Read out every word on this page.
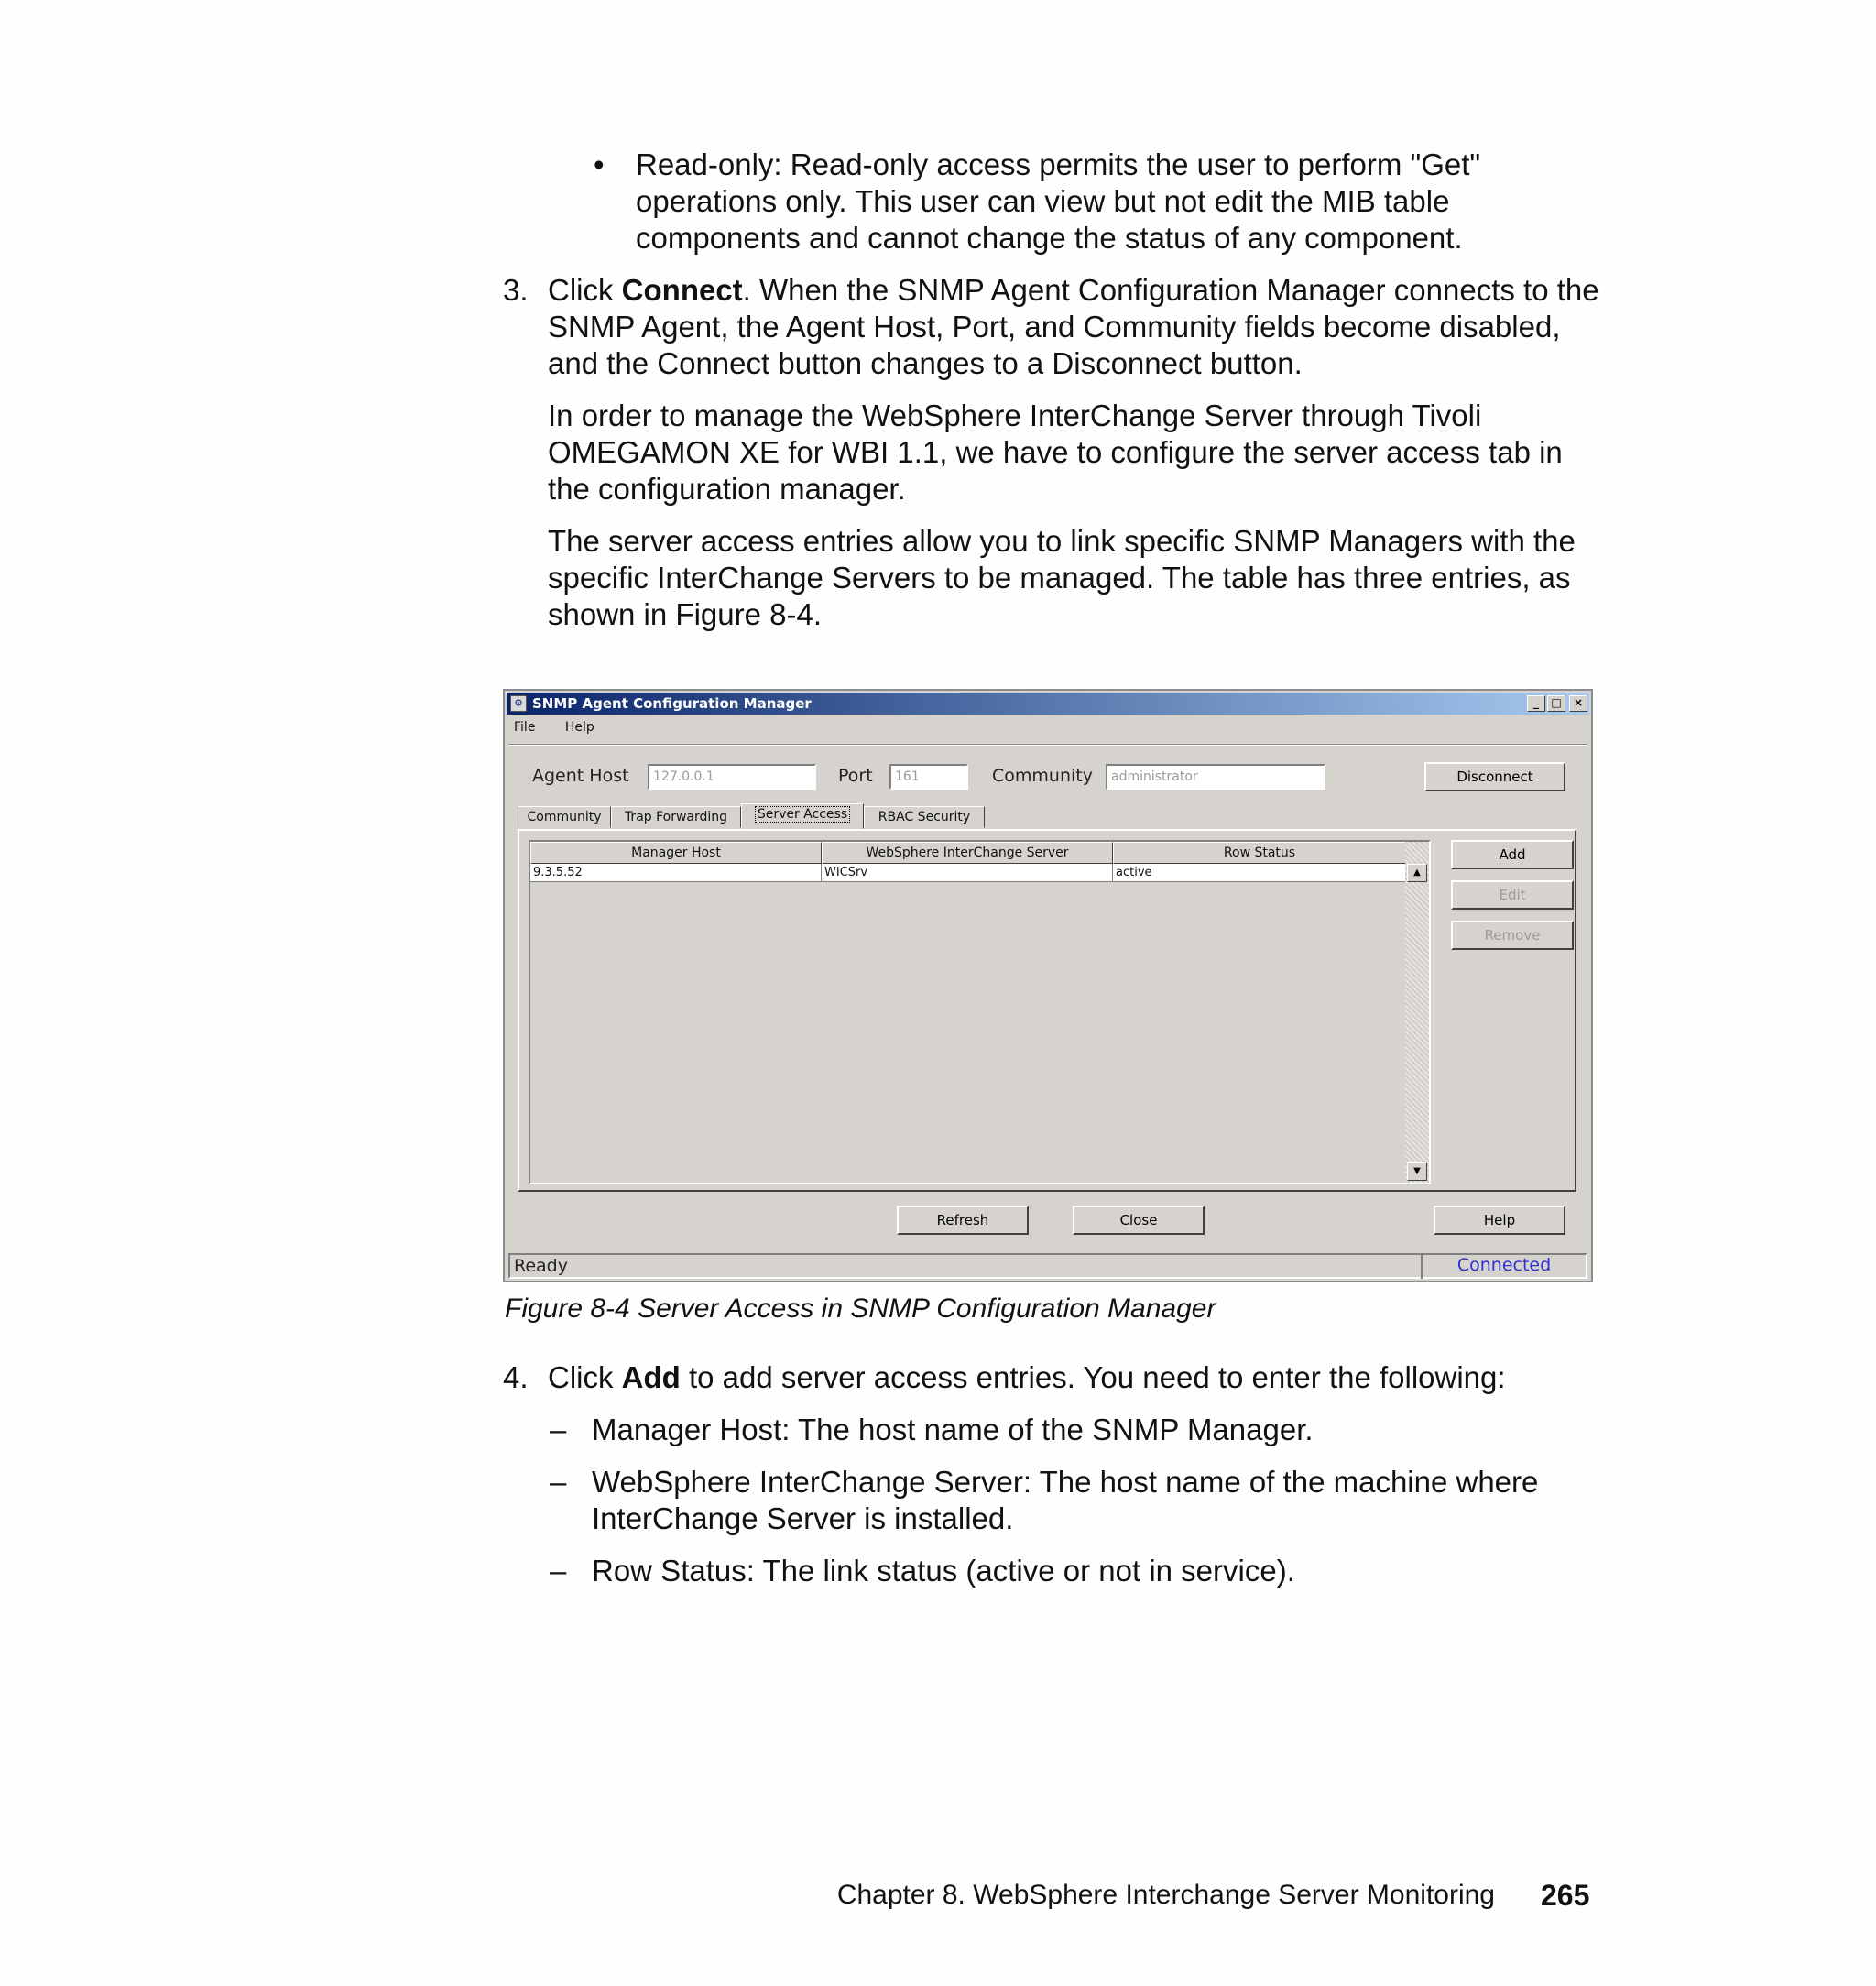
• Read-only: Read-only access permits the user to perform "Get" operations only. This user can view but not edit the MIB table components and cannot change the status of any component.

3. Click Connect. When the SNMP Agent Configuration Manager connects to the SNMP Agent, the Agent Host, Port, and Community fields become disabled, and the Connect button changes to a Disconnect button.

In order to manage the WebSphere InterChange Server through Tivoli OMEGAMON XE for WBI 1.1, we have to configure the server access tab in the configuration manager.

The server access entries allow you to link specific SNMP Managers with the specific InterChange Servers to be managed. The table has three entries, as shown in Figure 8-4.

⚙ SNMP Agent Configuration Manager	_	□	×
File Help
Agent Host	127.0.0.1	Port	161	Community	administrator	Disconnect
Community	Trap Forwarding	Server Access	RBAC Security
Manager Host	WebSphere InterChange Server	Row Status
9.3.5.52	WICSrv	active	▲
▼
Add
Edit
Remove
Refresh	Close	Help
Ready	Connected
Figure 8-4 Server Access in SNMP Configuration Manager
4. Click Add to add server access entries. You need to enter the following:

– Manager Host: The host name of the SNMP Manager.
– WebSphere InterChange Server: The host name of the machine where InterChange Server is installed.
– Row Status: The link status (active or not in service).
Chapter 8. WebSphere Interchange Server Monitoring 265
